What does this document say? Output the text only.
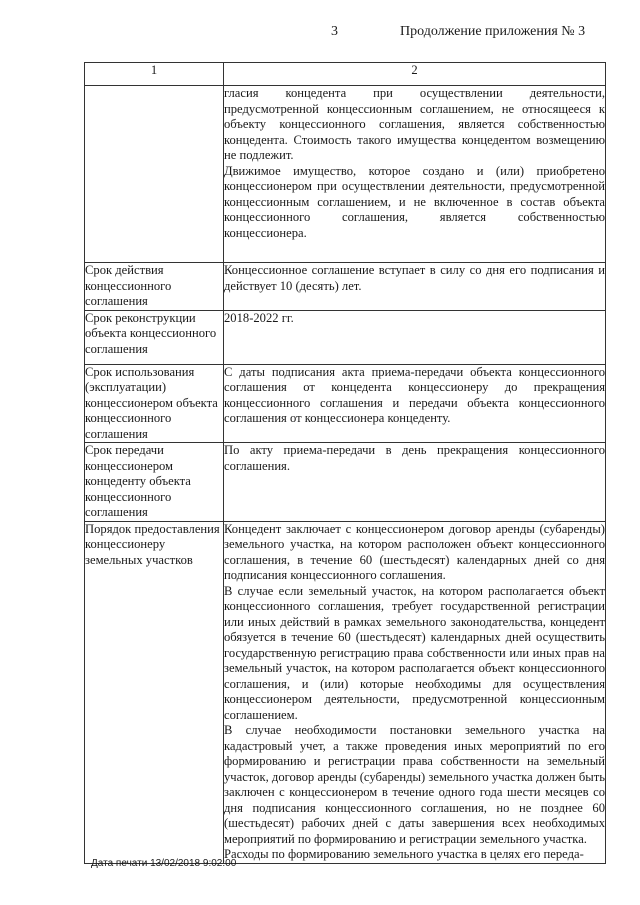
3	Продолжение приложения № 3
1	2

	гласия концедента при осуществлении деятельности, предусмотренной концессионным соглашением, не относящееся к объекту концессионного соглашения, является собственностью концедента. Стоимость такого имущества концедентом возмещению не подлежит.

Движимое имущество, которое создано и (или) приобретено концессионером при осуществлении деятельности, предусмотренной концессионным соглашением, и не включенное в состав объекта концессионного соглашения, является собственностью концессионера.

Срок действия концессионного соглашения	Концессионное соглашение вступает в силу со дня его подписания и действует 10 (десять) лет.

Срок реконструкции объекта концессионного соглашения	2018-2022 гг.

Срок использования (эксплуатации) концессионером объекта концессионного соглашения	С даты подписания акта приема-передачи объекта концессионного соглашения от концедента концессионеру до прекращения концессионного соглашения и передачи объекта концессионного соглашения от концессионера концеденту.

Срок передачи концессионером концеденту объекта концессионного соглашения	По акту приема-передачи в день прекращения концессионного соглашения.

Порядок предоставления концессионеру земельных участков	Концедент заключает с концессионером договор аренды (субаренды) земельного участка, на котором расположен объект концессионного соглашения, в течение 60 (шестьдесят) календарных дней со дня подписания концессионного соглашения.

В случае если земельный участок, на котором располагается объект концессионного соглашения, требует государственной регистрации или иных действий в рамках земельного законодательства, концедент обязуется в течение 60 (шестьдесят) календарных дней осуществить государственную регистрацию права собственности или иных прав на земельный участок, на котором располагается объект концессионного соглашения, и (или) которые необходимы для осуществления концессионером деятельности, предусмотренной концессионным соглашением.

В случае необходимости постановки земельного участка на кадастровый учет, а также проведения иных мероприятий по его формированию и регистрации права собственности на земельный участок, договор аренды (субаренды) земельного участка должен быть заключен с концессионером в течение одного года шести месяцев со дня подписания концессионного соглашения, но не позднее 60 (шестьдесят) рабочих дней с даты завершения всех необходимых мероприятий по формированию и регистрации земельного участка.

Расходы по формированию земельного участка в целях его переда-

Дата печати 13/02/2018 9:02:00
